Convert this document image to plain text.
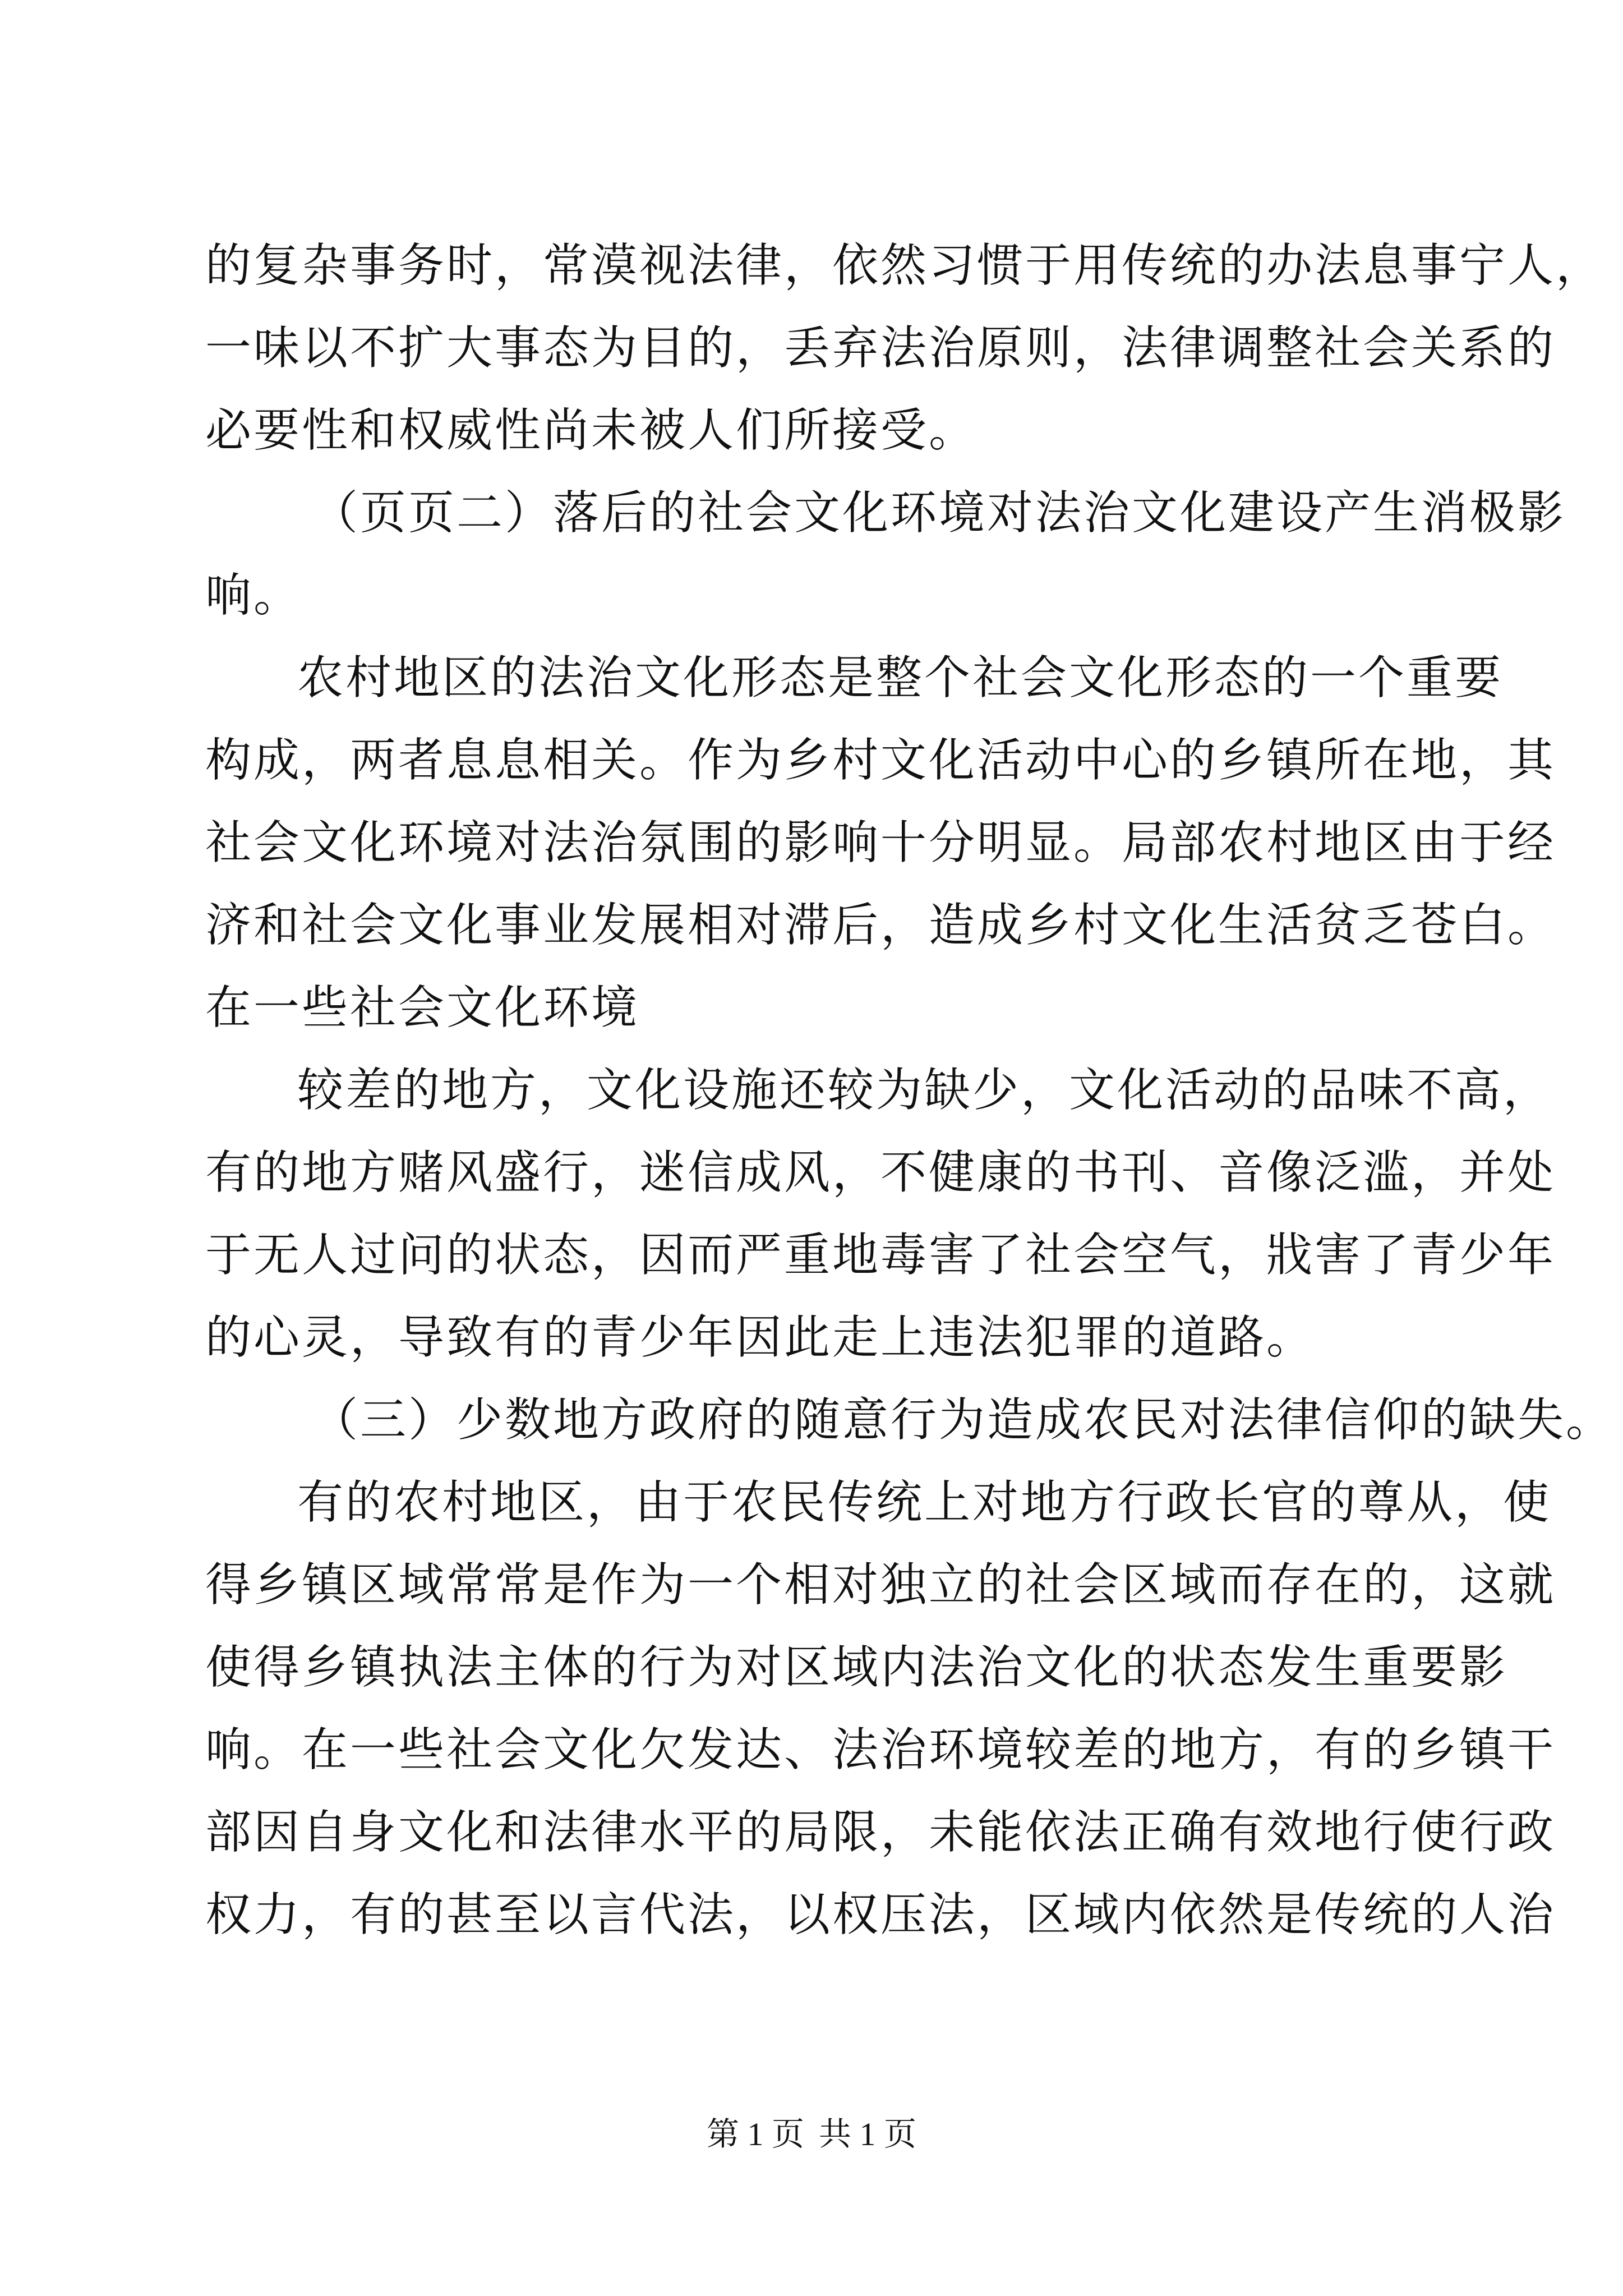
的复杂事务时，常漠视法律，依然习惯于用传统的办法息事宁人，

一味以不扩大事态为目的，丢弃法治原则，法律调整社会关系的

必要性和权威性尚未被人们所接受。

（页页二）落后的社会文化环境对法治文化建设产生消极影

响。

农村地区的法治文化形态是整个社会文化形态的一个重要

构成，两者息息相关。作为乡村文化活动中心的乡镇所在地，其

社会文化环境对法治氛围的影响十分明显。局部农村地区由于经

济和社会文化事业发展相对滞后，造成乡村文化生活贫乏苍白。

在一些社会文化环境

较差的地方，文化设施还较为缺少，文化活动的品味不高，

有的地方赌风盛行，迷信成风，不健康的书刊、音像泛滥，并处

于无人过问的状态，因而严重地毒害了社会空气，戕害了青少年

的心灵，导致有的青少年因此走上违法犯罪的道路。

（三）少数地方政府的随意行为造成农民对法律信仰的缺失。

有的农村地区，由于农民传统上对地方行政长官的尊从，使

得乡镇区域常常是作为一个相对独立的社会区域而存在的，这就

使得乡镇执法主体的行为对区域内法治文化的状态发生重要影

响。在一些社会文化欠发达、法治环境较差的地方，有的乡镇干

部因自身文化和法律水平的局限，未能依法正确有效地行使行政

权力，有的甚至以言代法，以权压法，区域内依然是传统的人治

第 1 页 共 1 页
